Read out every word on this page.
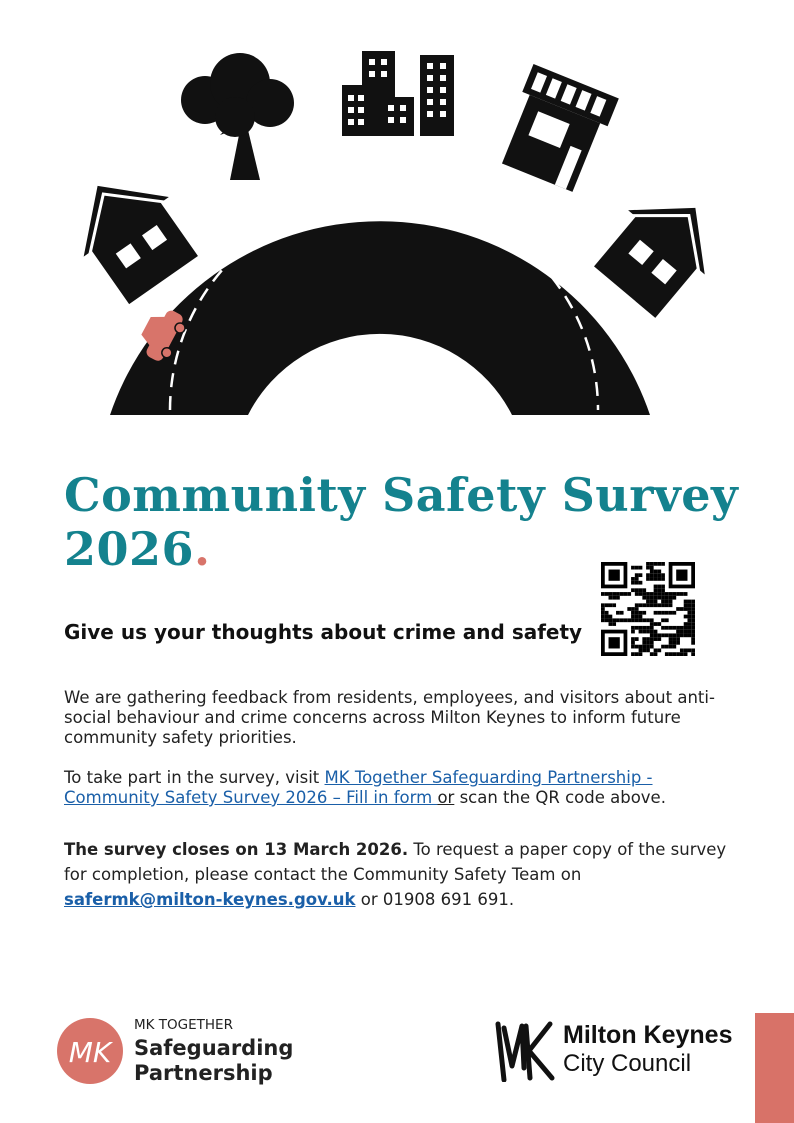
Community Safety Survey 2026.
Give us your thoughts about crime and safety

We are gathering feedback from residents, employees, and visitors about anti-social behaviour and crime concerns across Milton Keynes to inform future community safety priorities.

To take part in the survey, visit MK Together Safeguarding Partnership - Community Safety Survey 2026 – Fill in form or scan the QR code above.

The survey closes on 13 March 2026. To request a paper copy of the survey for completion, please contact the Community Safety Team on safermk@milton-keynes.gov.uk or 01908 691 691.

MK
MK TOGETHER
Safeguarding
Partnership
Milton Keynes
City Council
